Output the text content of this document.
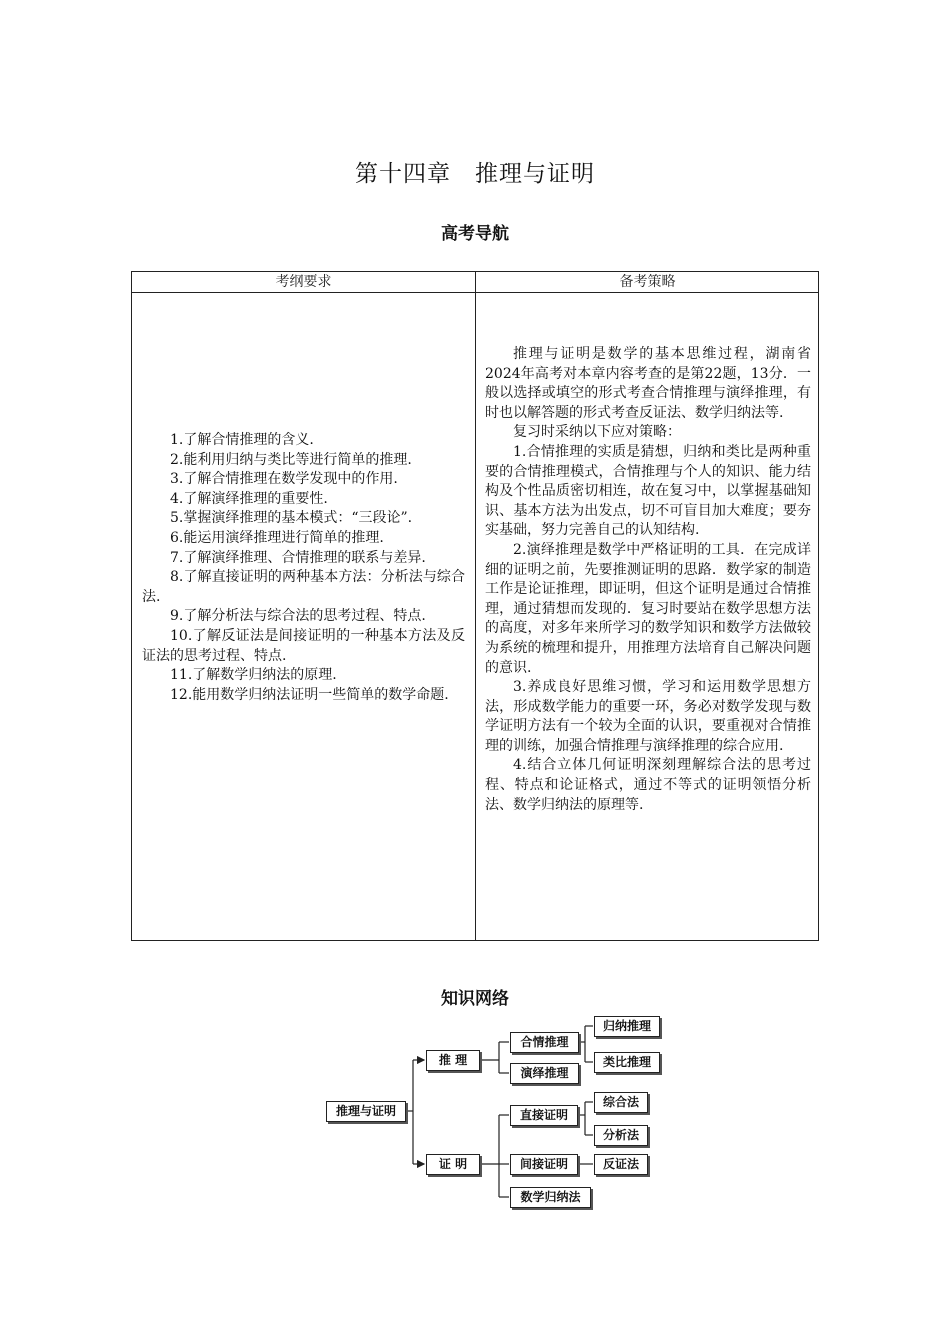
第十四章　推理与证明
高考导航
考纲要求	备考策略

1.了解合情推理的含义.

2.能利用归纳与类比等进行简单的推理.

3.了解合情推理在数学发现中的作用.

4.了解演绎推理的重要性.

5.掌握演绎推理的基本模式：“三段论”.

6.能运用演绎推理进行简单的推理.

7.了解演绎推理、合情推理的联系与差异.

8.了解直接证明的两种基本方法：分析法与综合法.

9.了解分析法与综合法的思考过程、特点.

10.了解反证法是间接证明的一种基本方法及反证法的思考过程、特点.

11.了解数学归纳法的原理.

12.能用数学归纳法证明一些简单的数学命题.

推理与证明是数学的基本思维过程，湖南省2024年高考对本章内容考查的是第22题，13分．一般以选择或填空的形式考查合情推理与演绎推理，有时也以解答题的形式考查反证法、数学归纳法等.

复习时采纳以下应对策略：

1.合情推理的实质是猜想，归纳和类比是两种重要的合情推理模式，合情推理与个人的知识、能力结构及个性品质密切相连，故在复习中，以掌握基础知识、基本方法为出发点，切不可盲目加大难度；要夯实基础，努力完善自己的认知结构.

2.演绎推理是数学中严格证明的工具．在完成详细的证明之前，先要推测证明的思路．数学家的制造工作是论证推理，即证明，但这个证明是通过合情推理，通过猜想而发现的．复习时要站在数学思想方法的高度，对多年来所学习的数学知识和数学方法做较为系统的梳理和提升，用推理方法培育自己解决问题的意识.

3.养成良好思维习惯，学习和运用数学思想方法，形成数学能力的重要一环，务必对数学发现与数学证明方法有一个较为全面的认识，要重视对合情推理的训练，加强合情推理与演绎推理的综合应用.

4.结合立体几何证明深刻理解综合法的思考过程、特点和论证格式，通过不等式的证明领悟分析法、数学归纳法的原理等.

知识网络
推理与证明
推 理
合情推理
归纳推理
类比推理
演绎推理
证 明
直接证明
综合法
分析法
间接证明	反证法
数学归纳法
